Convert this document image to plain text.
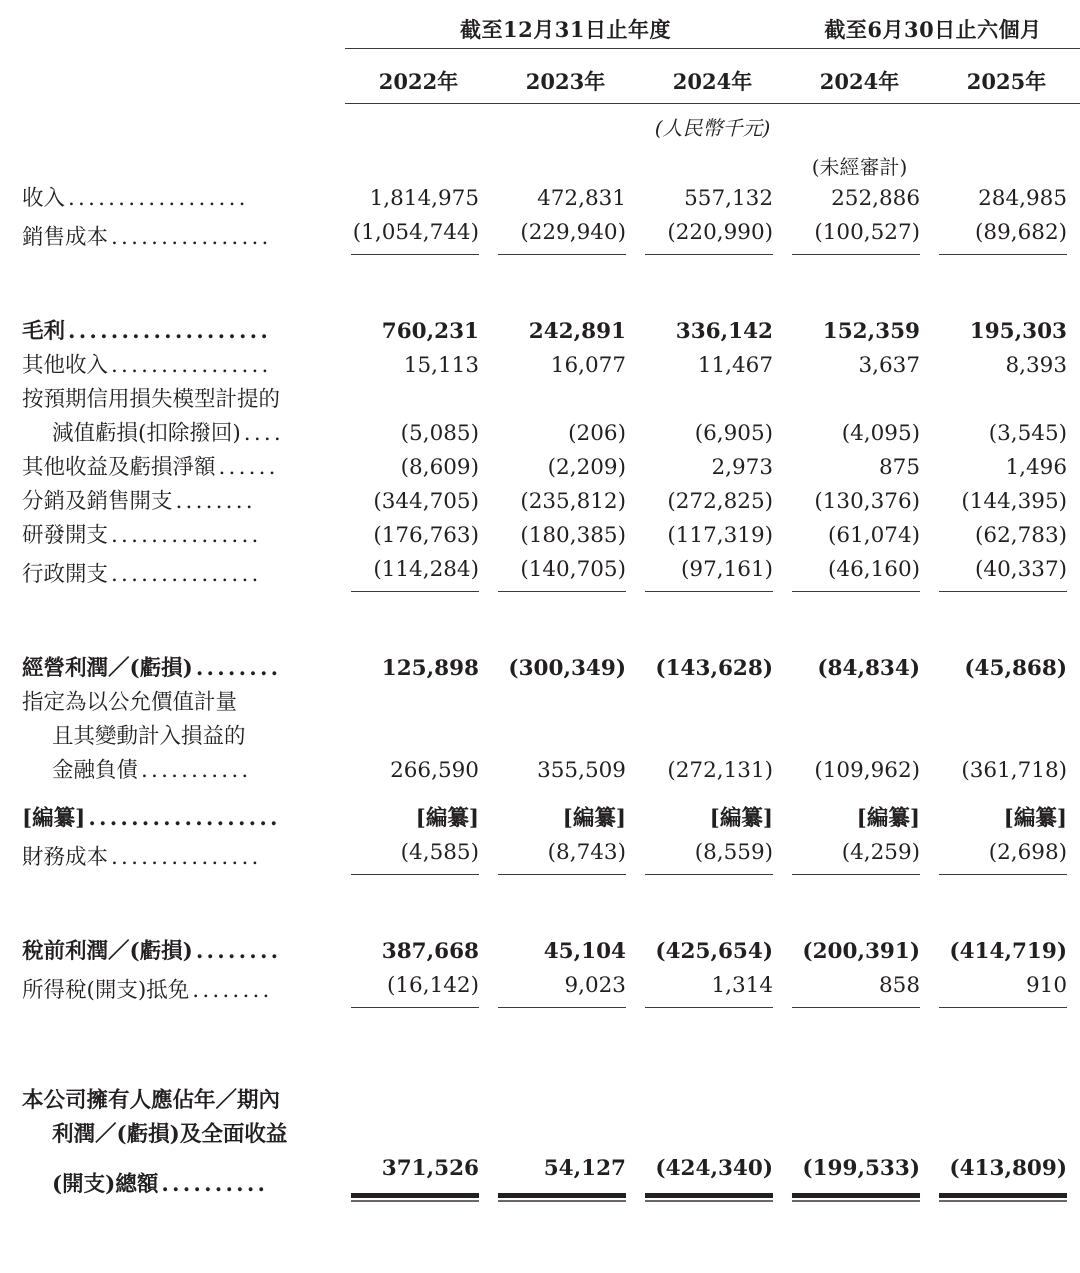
	截至12月31日止年度			截至6月30日止六個月	

	2022年	2023年	2024年	2024年	2025年
			(人民幣千元)		
				(未經審計)	
收入 ..................	1,814,975	472,831	557,132	252,886	284,985
銷售成本 ................	(1,054,744)	(229,940)	(220,990)	(100,527)	(89,682)

毛利 ...................	760,231	242,891	336,142	152,359	195,303
其他收入 ................	15,113	16,077	11,467	3,637	8,393
按預期信用損失模型計提的					
減值虧損(扣除撥回) ....	(5,085)	(206)	(6,905)	(4,095)	(3,545)
其他收益及虧損淨額 ......	(8,609)	(2,209)	2,973	875	1,496
分銷及銷售開支 ........	(344,705)	(235,812)	(272,825)	(130,376)	(144,395)
研發開支 ...............	(176,763)	(180,385)	(117,319)	(61,074)	(62,783)
行政開支 ...............	(114,284)	(140,705)	(97,161)	(46,160)	(40,337)

經營利潤／(虧損) ........	125,898	(300,349)	(143,628)	(84,834)	(45,868)
指定為以公允價值計量					
且其變動計入損益的					
金融負債 ...........	266,590	355,509	(272,131)	(109,962)	(361,718)

[編纂] ..................	[編纂]	[編纂]	[編纂]	[編纂]	[編纂]
財務成本 ...............	(4,585)	(8,743)	(8,559)	(4,259)	(2,698)

稅前利潤／(虧損) ........	387,668	45,104	(425,654)	(200,391)	(414,719)
所得稅(開支)抵免 ........	(16,142)	9,023	1,314	858	910

本公司擁有人應佔年／期內					
利潤／(虧損)及全面收益					
(開支)總額 ..........	371,526	54,127	(424,340)	(199,533)	(413,809)
